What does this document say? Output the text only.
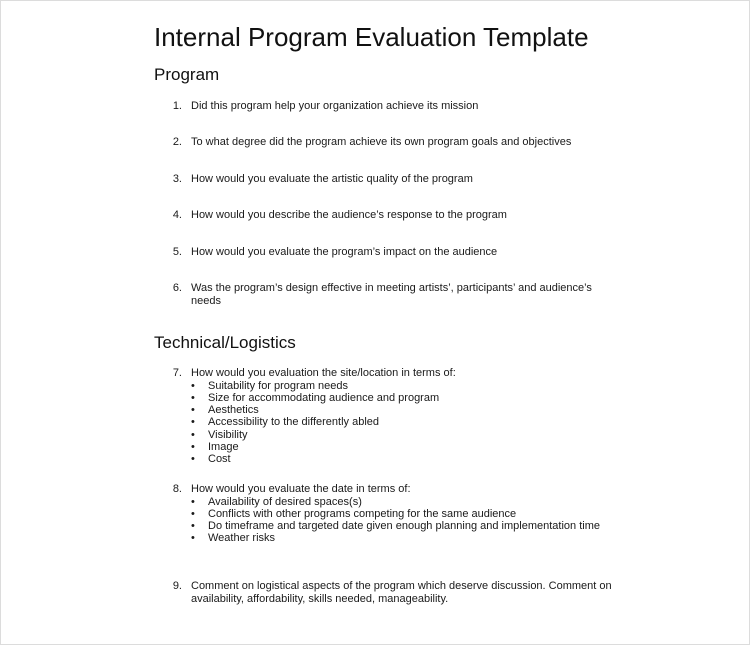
Internal Program Evaluation Template
Program
1. Did this program help your organization achieve its mission
2. To what degree did the program achieve its own program goals and objectives
3. How would you evaluate the artistic quality of the program
4. How would you describe the audience’s response to the program
5. How would you evaluate the program’s impact on the audience
6. Was the program’s design effective in meeting artists’, participants’ and audience’s needs
Technical/Logistics
7. How would you evaluation the site/location in terms of:
• Suitability for program needs
• Size for accommodating audience and program
• Aesthetics
• Accessibility to the differently abled
• Visibility
• Image
• Cost
8. How would you evaluate the date in terms of:
• Availability of desired spaces(s)
• Conflicts with other programs competing for the same audience
• Do timeframe and targeted date given enough planning and implementation time
• Weather risks
9. Comment on logistical aspects of the program which deserve discussion. Comment on availability, affordability, skills needed, manageability.
